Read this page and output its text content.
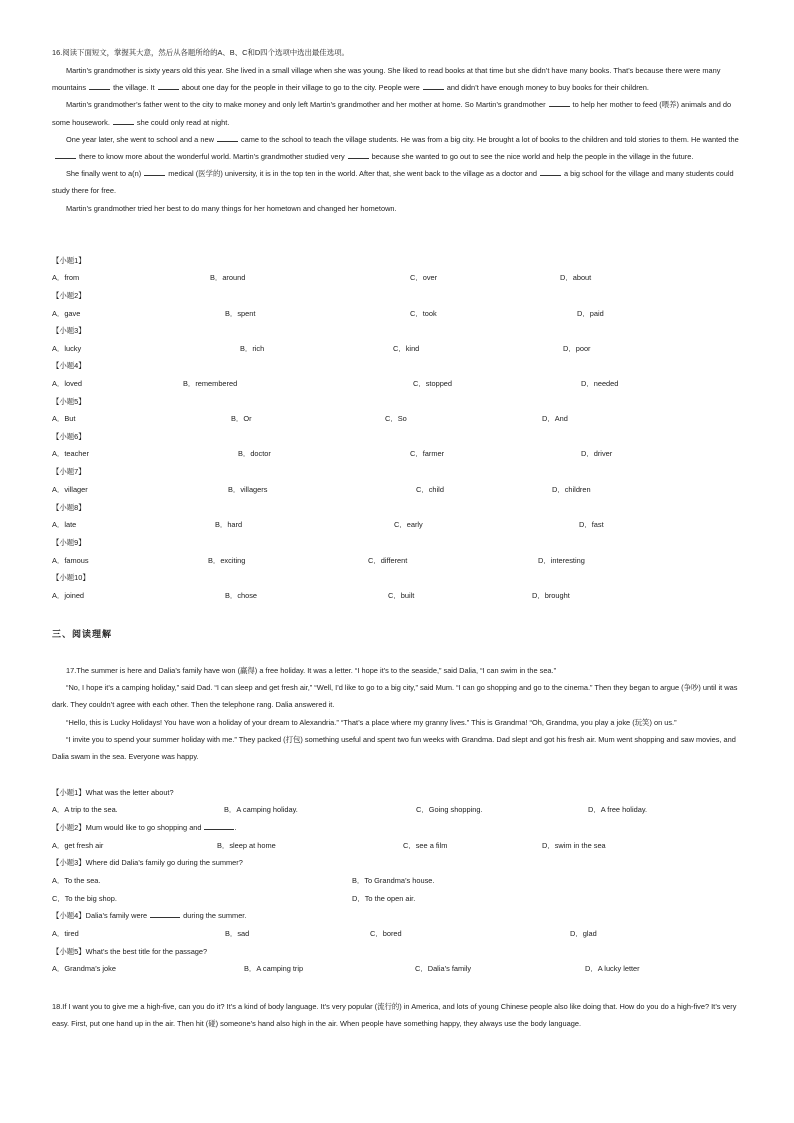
16.阅读下面短文，掌握其大意，然后从各题所给的A、B、C和D四个选项中选出最佳选项。

Martin’s grandmother is sixty years old this year. She lived in a small village when she was young. She liked to read books at that time but she didn’t have many books. That’s because there were many mountains	the village. It	about one day for the people in their village to go to the city. People were	and didn’t have enough money to buy books for their children.

Martin’s grandmother’s father went to the city to make money and only left Martin’s grandmother and her mother at home. So Martin’s grandmother	to help her mother to feed (喂养) animals and do some housework.	she could only read at night.

One year later, she went to school and a new	came to the school to teach the village students. He was from a big city. He brought a lot of books to the children and told stories to them. He wanted thethere to know more about the wonderful world. Martin’s grandmother studied very	because she wanted to go out to see the nice world and help the people in the village in the future.

She finally went to a(n)	medical (医学的) university, it is in the top ten in the world. After that, she went back to the village as a doctor and	a big school for the village and many students could study there for free.

Martin’s grandmother tried her best to do many things for her hometown and changed her hometown.

【小题1】
A．from	B．around	C．over	D．about
【小题2】
A．gave	B．spent	C．took	D．paid
【小题3】
A．lucky	B．rich	C．kind	D．poor
【小题4】
A．loved	B．remembered	C．stopped	D．needed
【小题5】
A．But	B．Or	C．So	D．And
【小题6】
A．teacher	B．doctor	C．farmer	D．driver
【小题7】
A．villager	B．villagers	C．child	D．children
【小题8】
A．late	B．hard	C．early	D．fast
【小题9】
A．famous	B．exciting	C．different	D．interesting
【小题10】
A．joined	B．chose	C．built	D．brought
三、阅读理解

17.The summer is here and Dalia’s family have won (赢得) a free holiday. It was a letter. “I hope it’s to the seaside,” said Dalia, “I can swim in the sea.”

“No, I hope it’s a camping holiday,” said Dad. “I can sleep and get fresh air,” “Well, I’d like to go to a big city,” said Mum. “I can go shopping and go to the cinema.” Then they began to argue (争吵) until it was dark. They couldn’t agree with each other. Then the telephone rang. Dalia answered it.

“Hello, this is Lucky Holidays! You have won a holiday of your dream to Alexandria.” “That’s a place where my granny lives.” This is Grandma! “Oh, Grandma, you play a joke (玩笑) on us.”

“I invite you to spend your summer holiday with me.” They packed (打包) something useful and spent two fun weeks with Grandma. Dad slept and got his fresh air. Mum went shopping and saw movies, and Dalia swam in the sea. Everyone was happy.

【小题1】What was the letter about?
A．A trip to the sea.	B．A camping holiday.	C．Going shopping.	D．A free holiday.
【小题2】Mum would like to go shopping and	.
A．get fresh air	B．sleep at home	C．see a film	D．swim in the sea
【小题3】Where did Dalia’s family go during the summer?
A．To the sea.	B．To Grandma’s house.
C．To the big shop.	D．To the open air.
【小题4】Dalia’s family were	during the summer.
A．tired	B．sad	C．bored	D．glad
【小题5】What’s the best title for the passage?
A．Grandma’s joke	B．A camping trip	C．Dalia’s family	D．A lucky letter

18.If I want you to give me a high-five, can you do it? It’s a kind of body language. It’s very popular (流行的) in America, and lots of young Chinese people also like doing that. How do you do a high-five? It’s very easy. First, put one hand up in the air. Then hit (碰) someone’s hand also high in the air. When people have something happy, they always use the body language.
